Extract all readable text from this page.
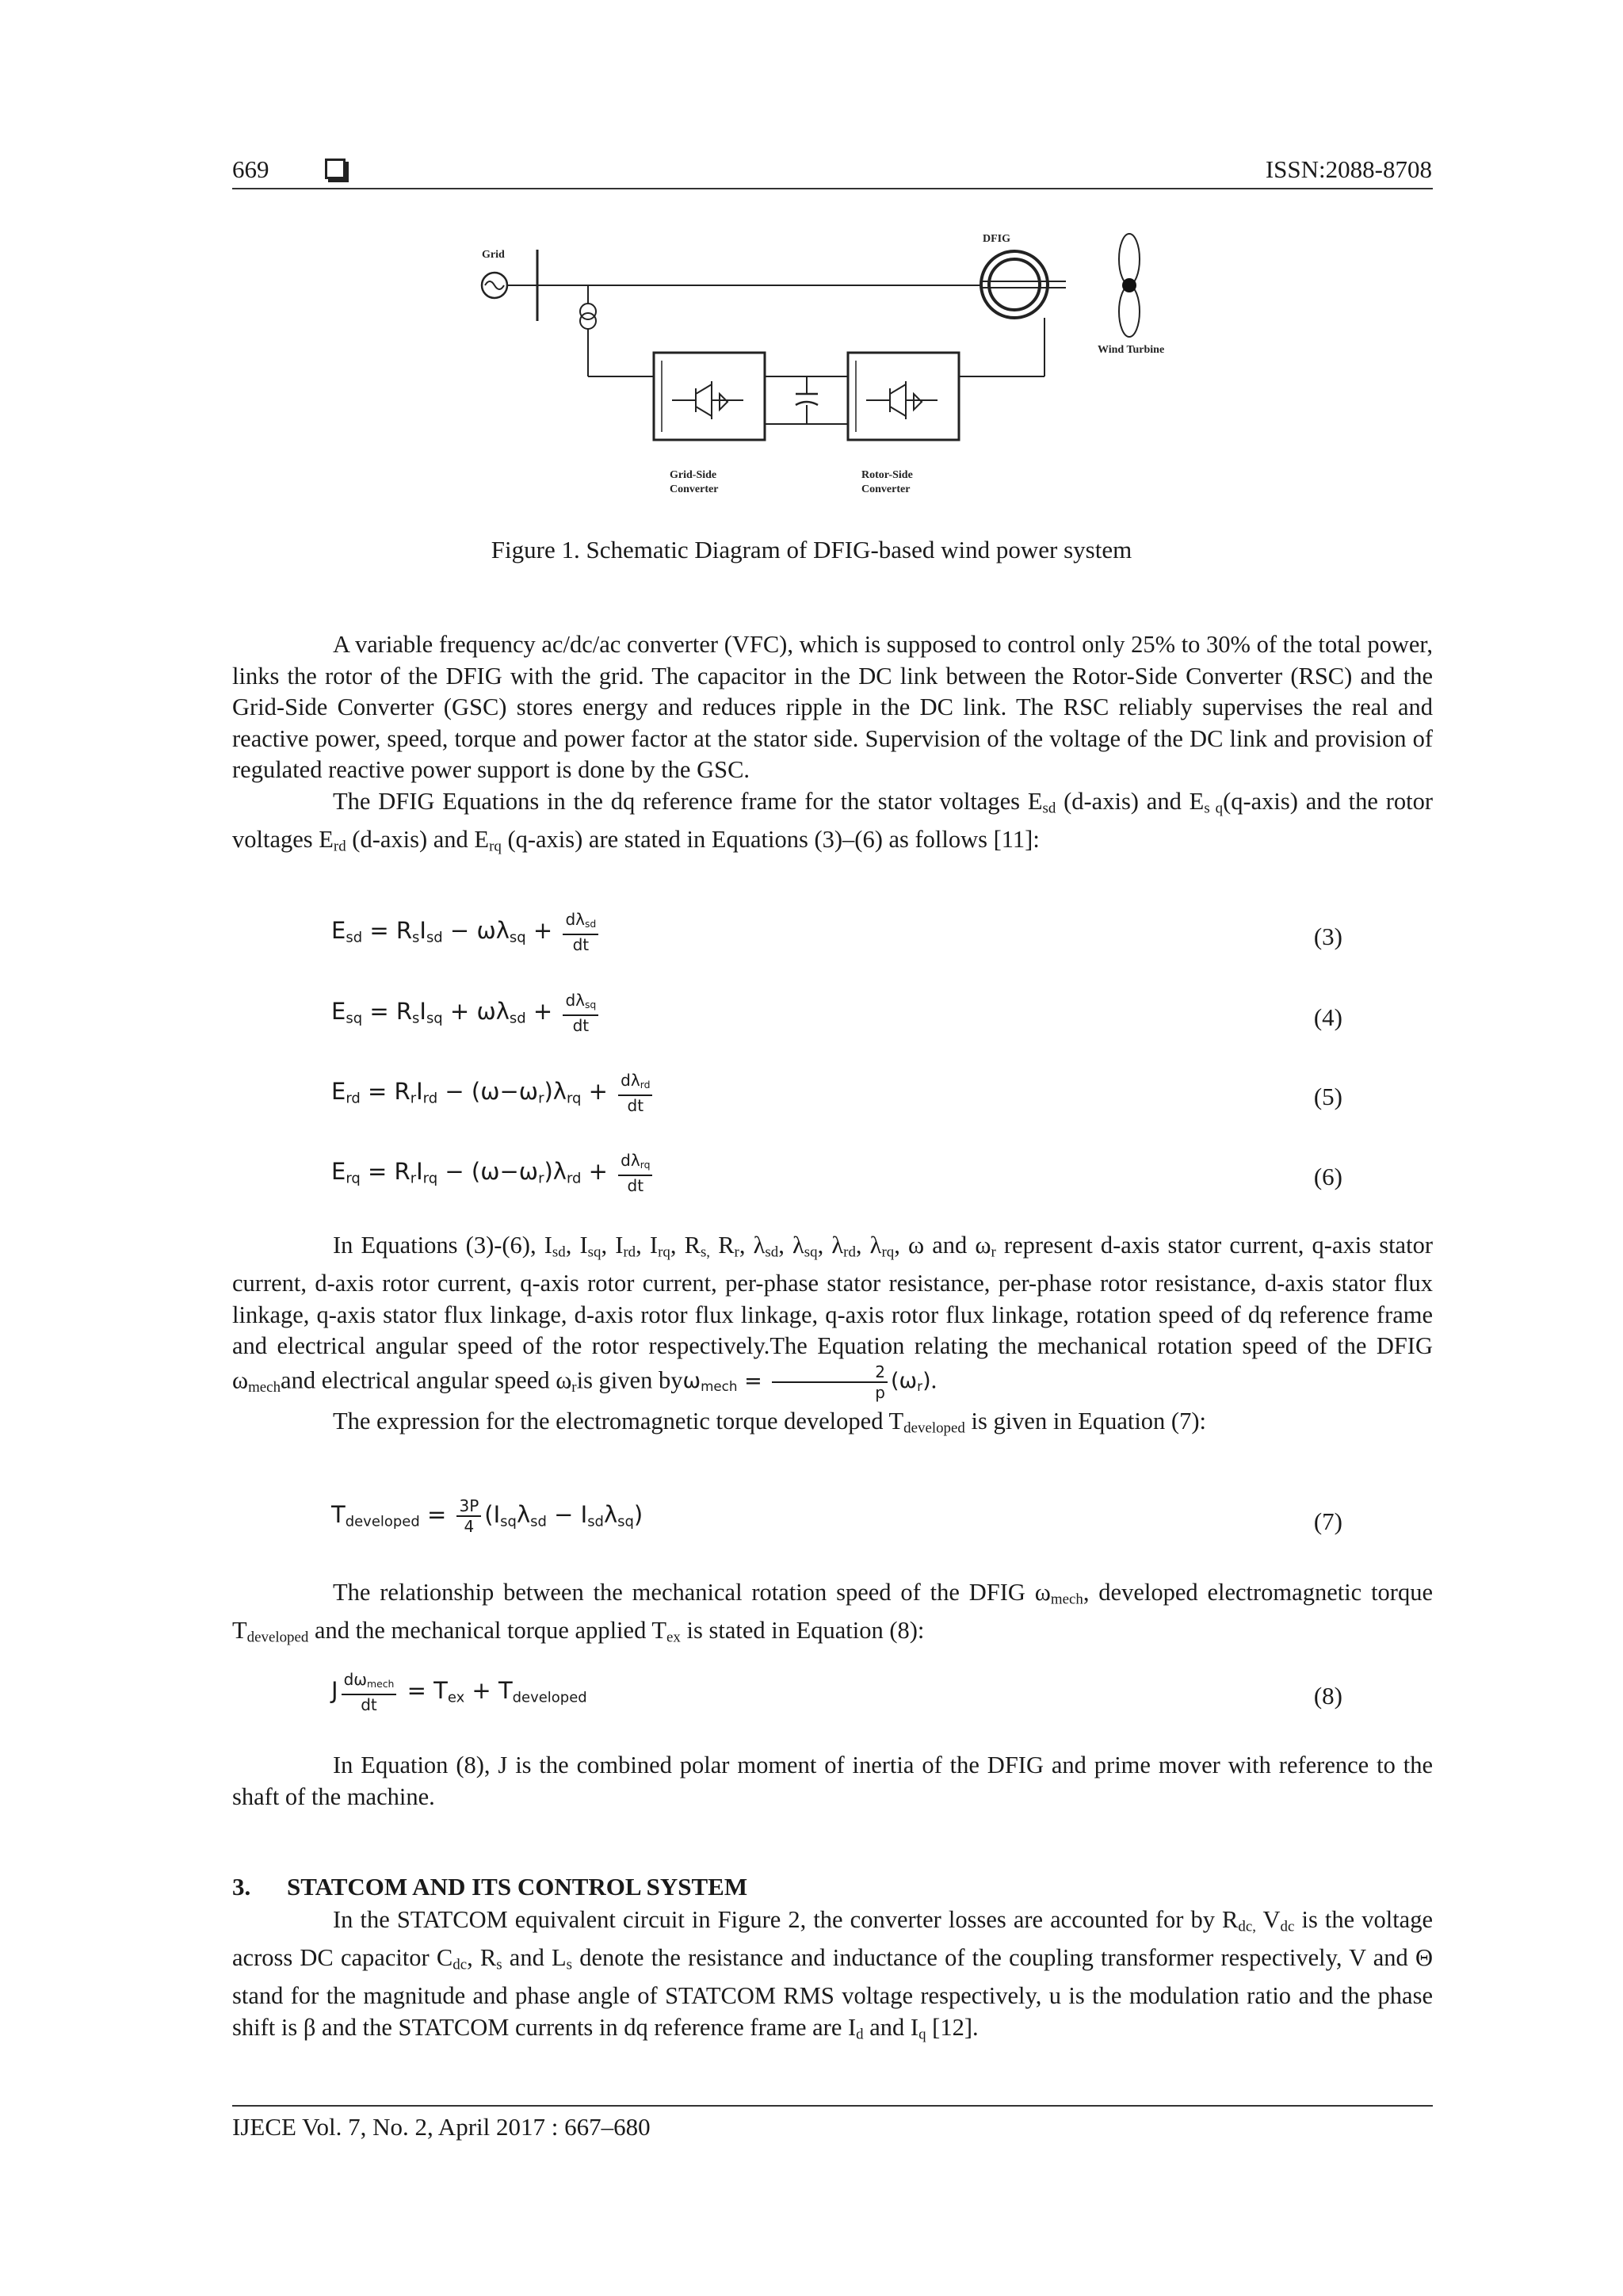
669	ISSN:2088-8708
Grid
DFIG
Wind Turbine
Grid-Side
Converter
Rotor-Side
Converter
Figure 1. Schematic Diagram of DFIG-based wind power system

A variable frequency ac/dc/ac converter (VFC), which is supposed to control only 25% to 30% of the total power, links the rotor of the DFIG with the grid. The capacitor in the DC link between the Rotor-Side Converter (RSC) and the Grid-Side Converter (GSC) stores energy and reduces ripple in the DC link. The RSC reliably supervises the real and reactive power, speed, torque and power factor at the stator side. Supervision of the voltage of the DC link and provision of regulated reactive power support is done by the GSC.

The DFIG Equations in the dq reference frame for the stator voltages $E_{sd}$ (d-axis) and $E_{s q}(q-axis)$ and the rotor voltages $E_{rd}$ (d-axis) and $E_{rq}$ (q-axis) are stated in Equations (3)–(6) as follows [11]:

$E_{sd} = R_sI_{sd} - \omega\lambda_{sq} + \frac{d\lambda_{sd}}{dt}$	(3)
$E_{sq} = R_sI_{sq} + \omega\lambda_{sd} + \frac{d\lambda_{sq}}{dt}$	(4)
$E_{rd} = R_rI_{rd} - (\omega-\omega_r)\lambda_{rq} + \frac{d\lambda_{rd}}{dt}$	(5)
$E_{rq} = R_rI_{rq} - (\omega-\omega_r)\lambda_{rd} + \frac{d\lambda_{rq}}{dt}$	(6)

In Equations (3)-(6), $I_{sd}$, $I_{sq}$, $I_{rd}$, $I_{rq}$, $R_{s,}$ $R_r$, $\lambda_{sd}$, $\lambda_{sq}$, $\lambda_{rd}$, $\lambda_{rq}$, ω and $\omega_r$ represent d-axis stator current, q-axis stator current, d-axis rotor current, q-axis rotor current, per-phase stator resistance, per-phase rotor resistance, d-axis stator flux linkage, q-axis stator flux linkage, d-axis rotor flux linkage, q-axis rotor flux linkage, rotation speed of dq reference frame and electrical angular speed of the rotor respectively.The Equation relating the mechanical rotation speed of the DFIG $\omega_{mech}and$ electrical angular speed $\omega_ris$ given $by\omega_{mech} = \frac{2}{p} (\omega_r)$.

The expression for the electromagnetic torque developed $T_{developed}$ is given in Equation (7):

$T_{developed} = \frac{3P}{4} (I_{sq}\lambda_{sd} - I_{sd}\lambda_{sq})$	(7)

The relationship between the mechanical rotation speed of the DFIG $\omega_{mech}$, developed electromagnetic torque $T_{developed}$ and the mechanical torque applied $T_{ex}$ is stated in Equation (8):

J $\frac{d\omega_{mech}}{dt} = T_{ex} + T_{developed}$	(8)

In Equation (8), J is the combined polar moment of inertia of the DFIG and prime mover with reference to the shaft of the machine.

3. STATCOM AND ITS CONTROL SYSTEM

In the STATCOM equivalent circuit in Figure 2, the converter losses are accounted for by $R_{dc,}$ $V_{dc}$ is the voltage across DC capacitor $C_{dc}$, $R_s$ and $L_s$ denote the resistance and inductance of the coupling transformer respectively, V and Θ stand for the magnitude and phase angle of STATCOM RMS voltage respectively, u is the modulation ratio and the phase shift is β and the STATCOM currents in dq reference frame are $I_d$ and $I_q$ [12].

IJECE Vol. 7, No. 2, April 2017 : 667–680
